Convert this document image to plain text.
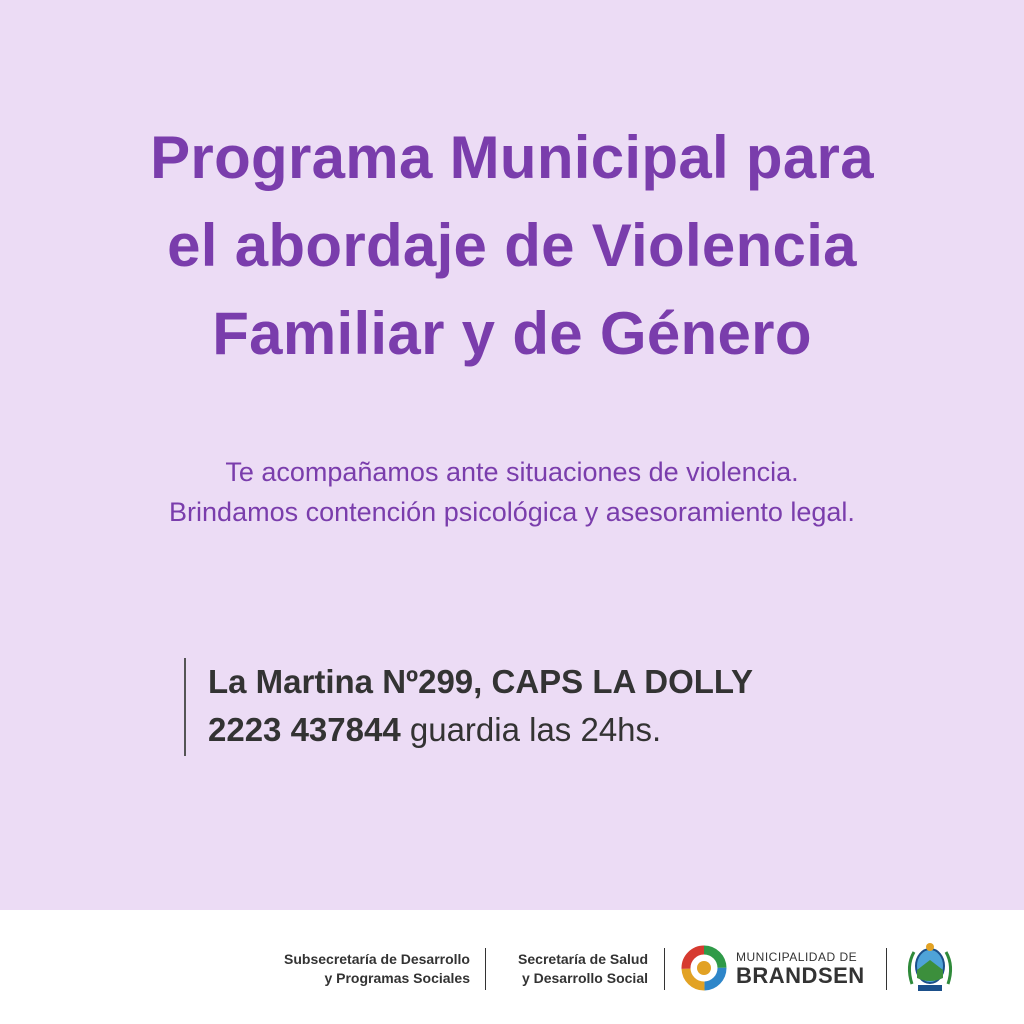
Programa Municipal para
el abordaje de Violencia
Familiar y de Género
Te acompañamos ante situaciones de violencia.
Brindamos contención psicológica y asesoramiento legal.
La Martina Nº299, CAPS LA DOLLY
2223 437844 guardia las 24hs.
Subsecretaría de Desarrollo
y Programas Sociales
Secretaría de Salud
y Desarrollo Social
MUNICIPALIDAD DE
BRANDSEN
